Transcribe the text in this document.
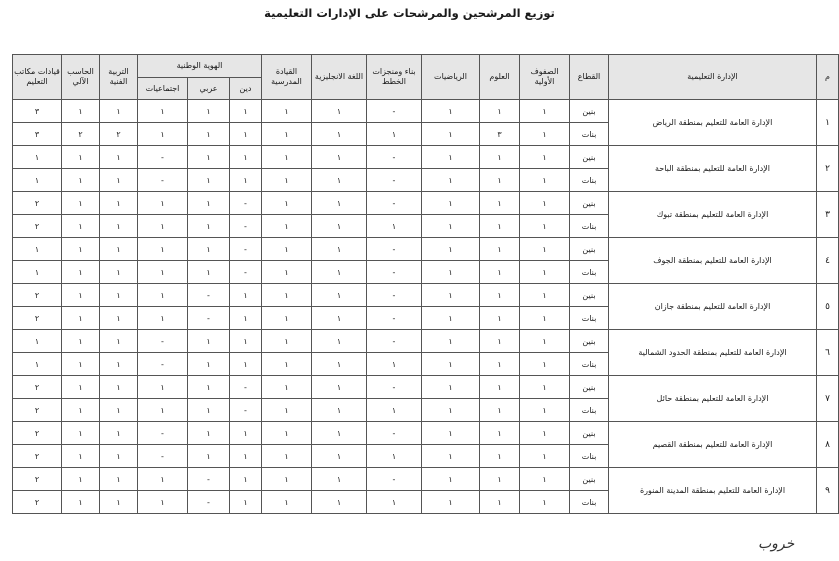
توزيع المرشحين والمرشحات على الإدارات التعليمية
م	الإدارة التعليمية	القطاع	الصفوف الأولية	العلوم	الرياضيات	بناء ومنجزات الخطط	اللغة الانجليزية	القيادة المدرسية	الهوية الوطنية			التربية الفنية	الحاسب الآلي	قيادات مكاتب التعليم
									دين	عربي	اجتماعيات			
١	الإدارة العامة للتعليم بمنطقة الرياض	بنين	١	١	١	-	١	١	١	١	١	١	١	٣
		بنات	١	٣	١	١	١	١	١	١	١	٢	٢	٣
٢	الإدارة العامة للتعليم بمنطقة الباحة	بنين	١	١	١	-	١	١	١	١	-	١	١	١
		بنات	١	١	١	-	١	١	١	١	-	١	١	١
٣	الإدارة العامة للتعليم بمنطقة تبوك	بنين	١	١	١	-	١	١	-	١	١	١	١	٢
		بنات	١	١	١	١	١	١	-	١	١	١	١	٢
٤	الإدارة العامة للتعليم بمنطقة الجوف	بنين	١	١	١	-	١	١	-	١	١	١	١	١
		بنات	١	١	١	-	١	١	-	١	١	١	١	١
٥	الإدارة العامة للتعليم بمنطقة جازان	بنين	١	١	١	-	١	١	١	-	١	١	١	٢
		بنات	١	١	١	-	١	١	١	-	١	١	١	٢
٦	الإدارة العامة للتعليم بمنطقة الحدود الشمالية	بنين	١	١	١	-	١	١	١	١	-	١	١	١
		بنات	١	١	١	١	١	١	١	١	-	١	١	١
٧	الإدارة العامة للتعليم بمنطقة حائل	بنين	١	١	١	-	١	١	-	١	١	١	١	٢
		بنات	١	١	١	١	١	١	-	١	١	١	١	٢
٨	الإدارة العامة للتعليم بمنطقة القصيم	بنين	١	١	١	-	١	١	١	١	-	١	١	٢
		بنات	١	١	١	١	١	١	١	١	-	١	١	٢
٩	الإدارة العامة للتعليم بمنطقة المدينة المنورة	بنين	١	١	١	-	١	١	١	-	١	١	١	٢
		بنات	١	١	١	١	١	١	١	-	١	١	١	٢
خروب
